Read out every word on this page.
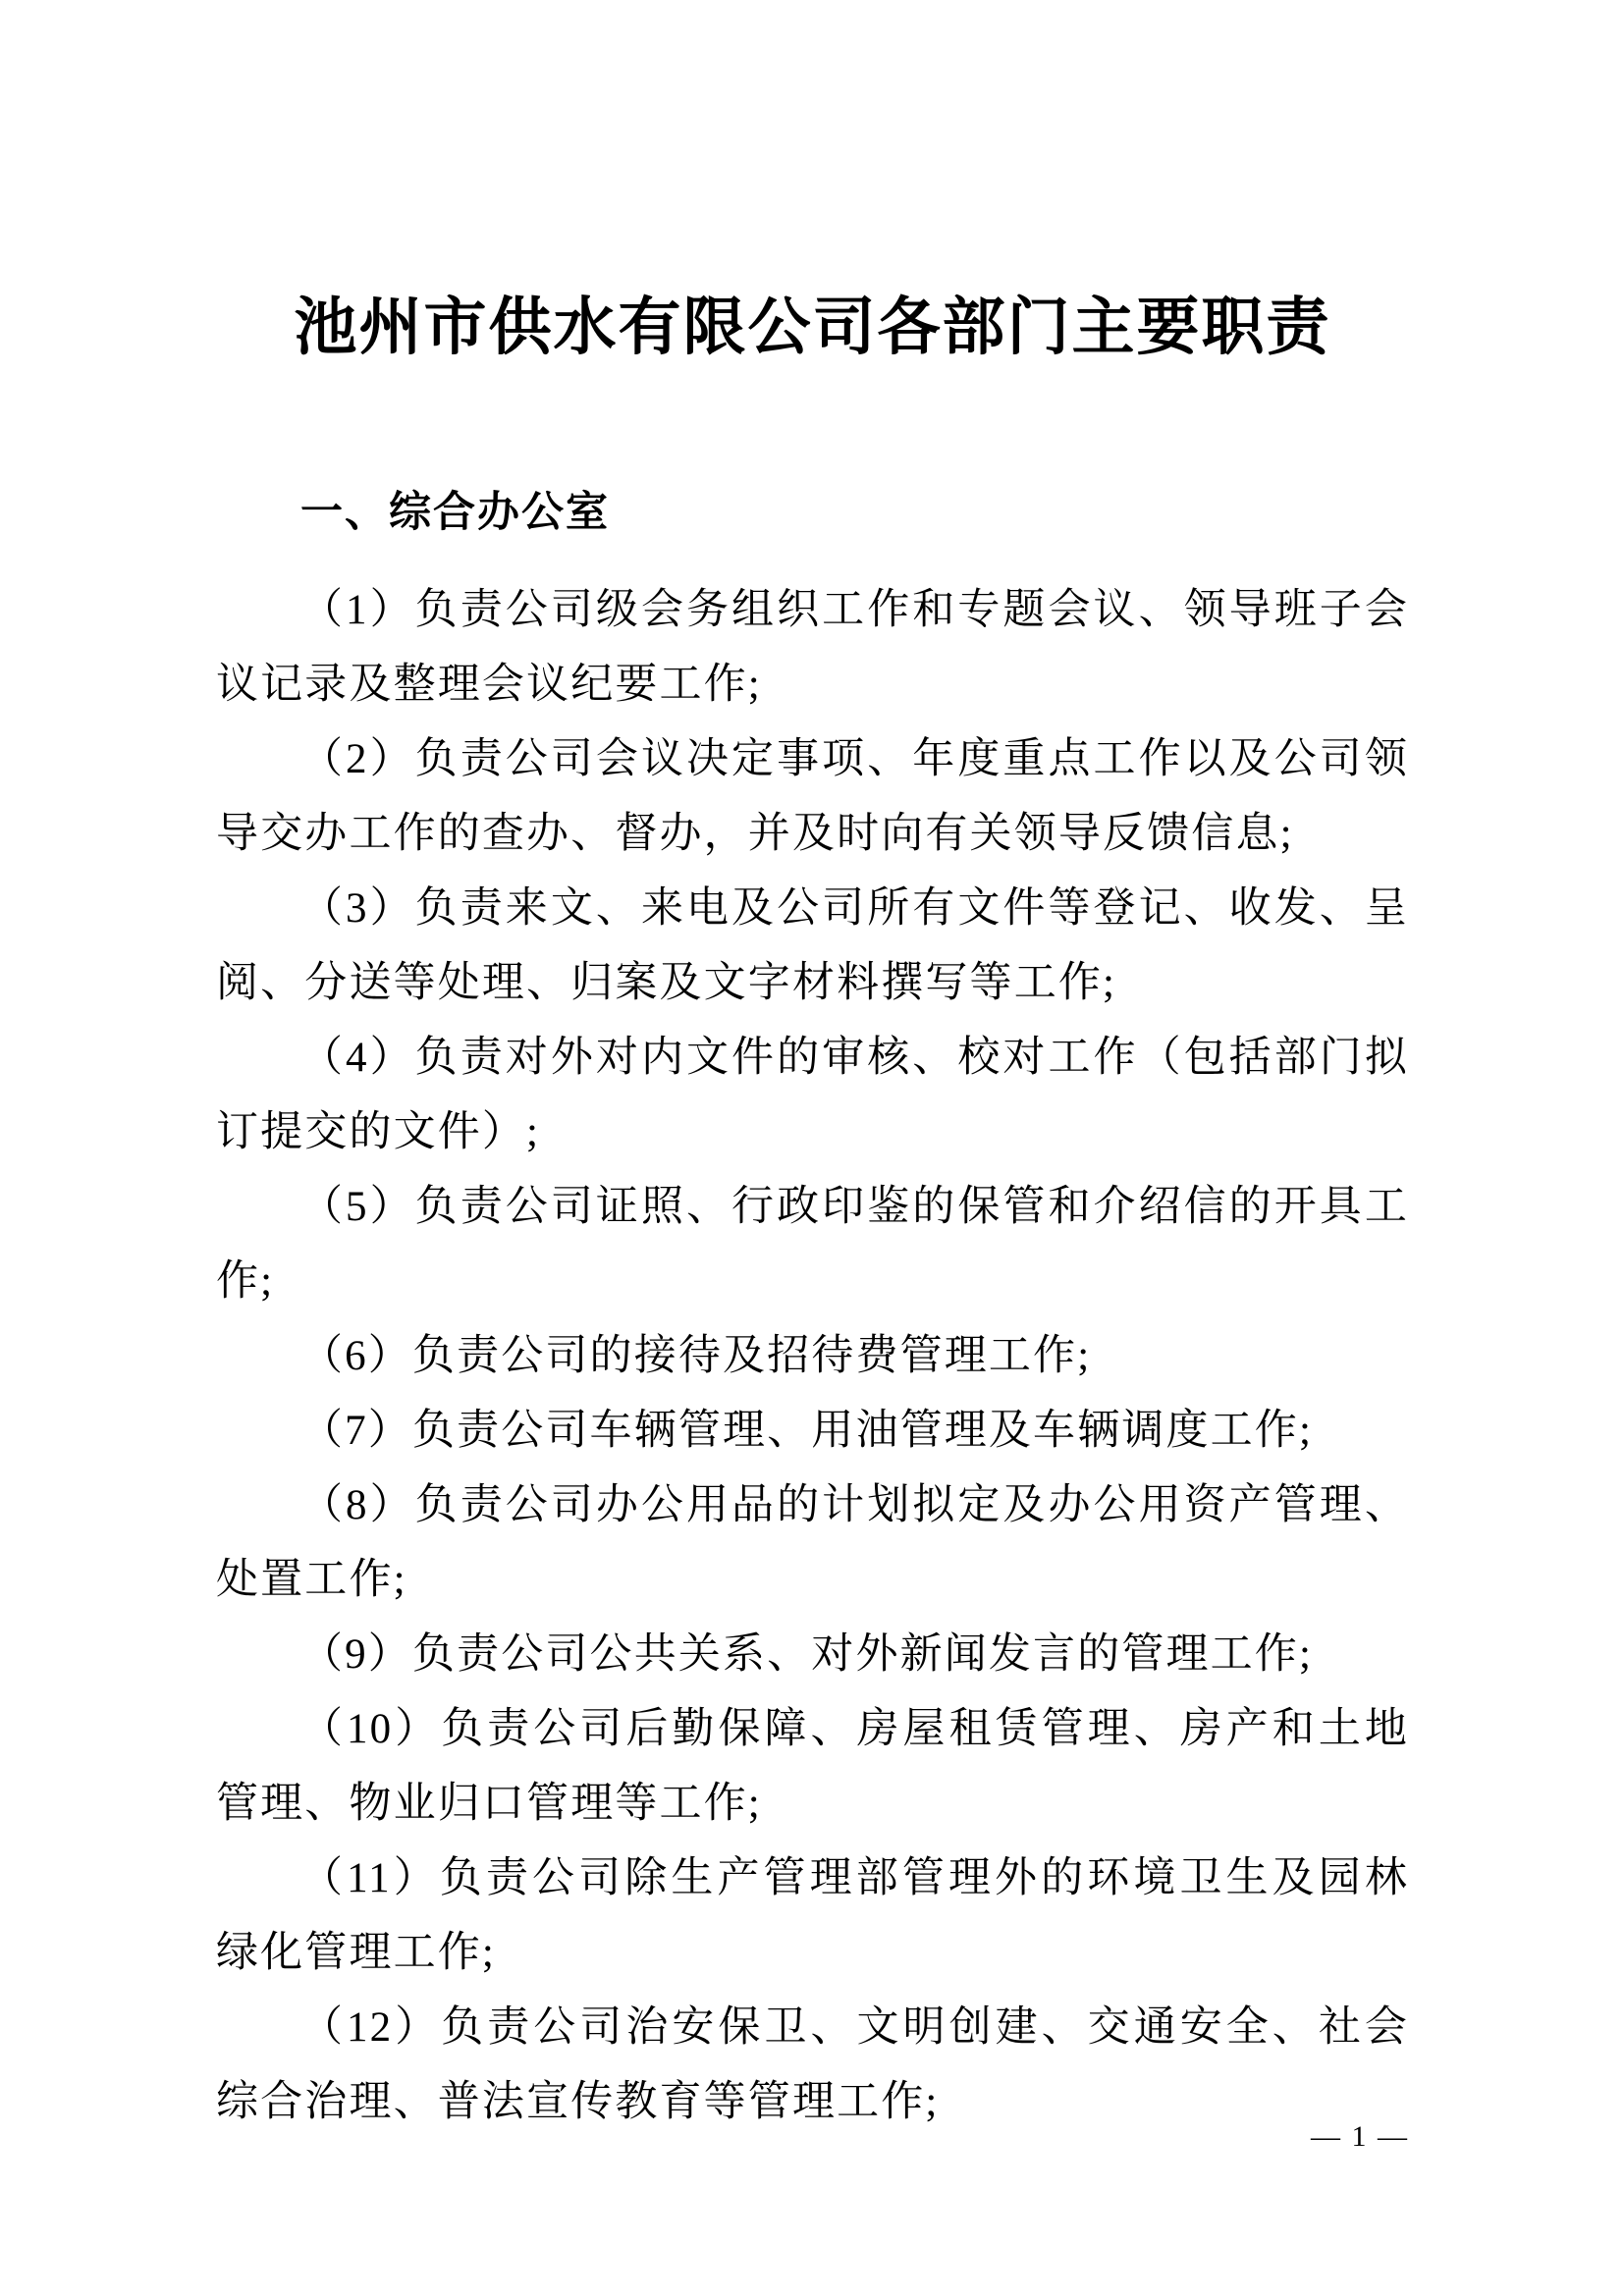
池州市供水有限公司各部门主要职责
一、综合办公室

（1）负责公司级会务组织工作和专题会议、领导班子会议记录及整理会议纪要工作;

（2）负责公司会议决定事项、年度重点工作以及公司领导交办工作的查办、督办，并及时向有关领导反馈信息;

（3）负责来文、来电及公司所有文件等登记、收发、呈阅、分送等处理、归案及文字材料撰写等工作;

（4）负责对外对内文件的审核、校对工作（包括部门拟订提交的文件）;

（5）负责公司证照、行政印鉴的保管和介绍信的开具工作;

（6）负责公司的接待及招待费管理工作;

（7）负责公司车辆管理、用油管理及车辆调度工作;

（8）负责公司办公用品的计划拟定及办公用资产管理、处置工作;

（9）负责公司公共关系、对外新闻发言的管理工作;

（10）负责公司后勤保障、房屋租赁管理、房产和土地管理、物业归口管理等工作;

（11）负责公司除生产管理部管理外的环境卫生及园林绿化管理工作;

（12）负责公司治安保卫、文明创建、交通安全、社会综合治理、普法宣传教育等管理工作;

— 1 —
